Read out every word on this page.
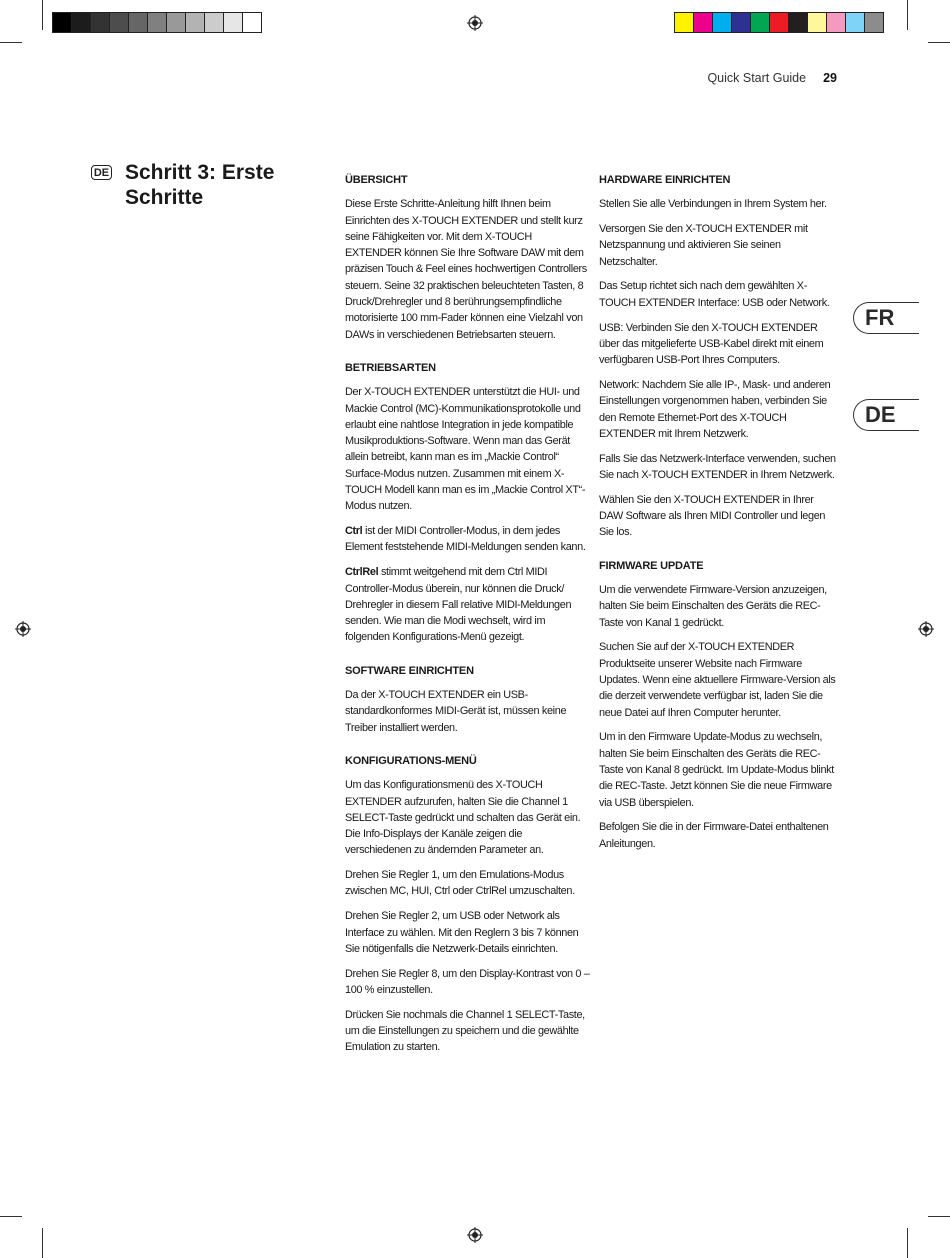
Quick Start Guide 29
DE Schritt 3: Erste Schritte
ÜBERSICHT

Diese Erste Schritte-Anleitung hilft Ihnen beim Einrichten des X-TOUCH EXTENDER und stellt kurz seine Fähigkeiten vor. Mit dem X-TOUCH EXTENDER können Sie Ihre Software DAW mit dem präzisen Touch & Feel eines hochwertigen Controllers steuern. Seine 32 praktischen beleuchteten Tasten, 8 Druck/Drehregler und 8 berührungsempfindliche motorisierte 100 mm-Fader können eine Vielzahl von DAWs in verschiedenen Betriebsarten steuern.

BETRIEBSARTEN

Der X-TOUCH EXTENDER unterstützt die HUI- und Mackie Control (MC)-Kommunikationsprotokolle und erlaubt eine nahtlose Integration in jede kompatible Musikproduktions-Software. Wenn man das Gerät allein betreibt, kann man es im „Mackie Control“ Surface-Modus nutzen. Zusammen mit einem X-TOUCH Modell kann man es im „Mackie Control XT“-Modus nutzen.

Ctrl ist der MIDI Controller-Modus, in dem jedes Element feststehende MIDI-Meldungen senden kann.

CtrlRel stimmt weitgehend mit dem Ctrl MIDI Controller-Modus überein, nur können die Druck/ Drehregler in diesem Fall relative MIDI-Meldungen senden. Wie man die Modi wechselt, wird im folgenden Konfigurations-Menü gezeigt.

SOFTWARE EINRICHTEN

Da der X-TOUCH EXTENDER ein USB-standardkonformes MIDI-Gerät ist, müssen keine Treiber installiert werden.

KONFIGURATIONS-MENÜ

Um das Konfigurationsmenü des X-TOUCH EXTENDER aufzurufen, halten Sie die Channel 1 SELECT-Taste gedrückt und schalten das Gerät ein. Die Info-Displays der Kanäle zeigen die verschiedenen zu ändernden Parameter an.

Drehen Sie Regler 1, um den Emulations-Modus zwischen MC, HUI, Ctrl oder CtrlRel umzuschalten.

Drehen Sie Regler 2, um USB oder Network als Interface zu wählen. Mit den Reglern 3 bis 7 können Sie nötigenfalls die Netzwerk-Details einrichten.

Drehen Sie Regler 8, um den Display-Kontrast von 0 – 100 % einzustellen.

Drücken Sie nochmals die Channel 1 SELECT-Taste, um die Einstellungen zu speichern und die gewählte Emulation zu starten.

HARDWARE EINRICHTEN

Stellen Sie alle Verbindungen in Ihrem System her.

Versorgen Sie den X-TOUCH EXTENDER mit Netzspannung und aktivieren Sie seinen Netzschalter.

Das Setup richtet sich nach dem gewählten X-TOUCH EXTENDER Interface: USB oder Network.

USB: Verbinden Sie den X-TOUCH EXTENDER über das mitgelieferte USB-Kabel direkt mit einem verfügbaren USB-Port Ihres Computers.

Network: Nachdem Sie alle IP-, Mask- und anderen Einstellungen vorgenommen haben, verbinden Sie den Remote Ethernet-Port des X-TOUCH EXTENDER mit Ihrem Netzwerk.

Falls Sie das Netzwerk-Interface verwenden, suchen Sie nach X-TOUCH EXTENDER in Ihrem Netzwerk.

Wählen Sie den X-TOUCH EXTENDER in Ihrer DAW Software als Ihren MIDI Controller und legen Sie los.

FIRMWARE UPDATE

Um die verwendete Firmware-Version anzuzeigen, halten Sie beim Einschalten des Geräts die REC-Taste von Kanal 1 gedrückt.

Suchen Sie auf der X-TOUCH EXTENDER Produktseite unserer Website nach Firmware Updates. Wenn eine aktuellere Firmware-Version als die derzeit verwendete verfügbar ist, laden Sie die neue Datei auf Ihren Computer herunter.

Um in den Firmware Update-Modus zu wechseln, halten Sie beim Einschalten des Geräts die REC-Taste von Kanal 8 gedrückt. Im Update-Modus blinkt die REC-Taste. Jetzt können Sie die neue Firmware via USB überspielen.

Befolgen Sie die in der Firmware-Datei enthaltenen Anleitungen.

FR
DE
